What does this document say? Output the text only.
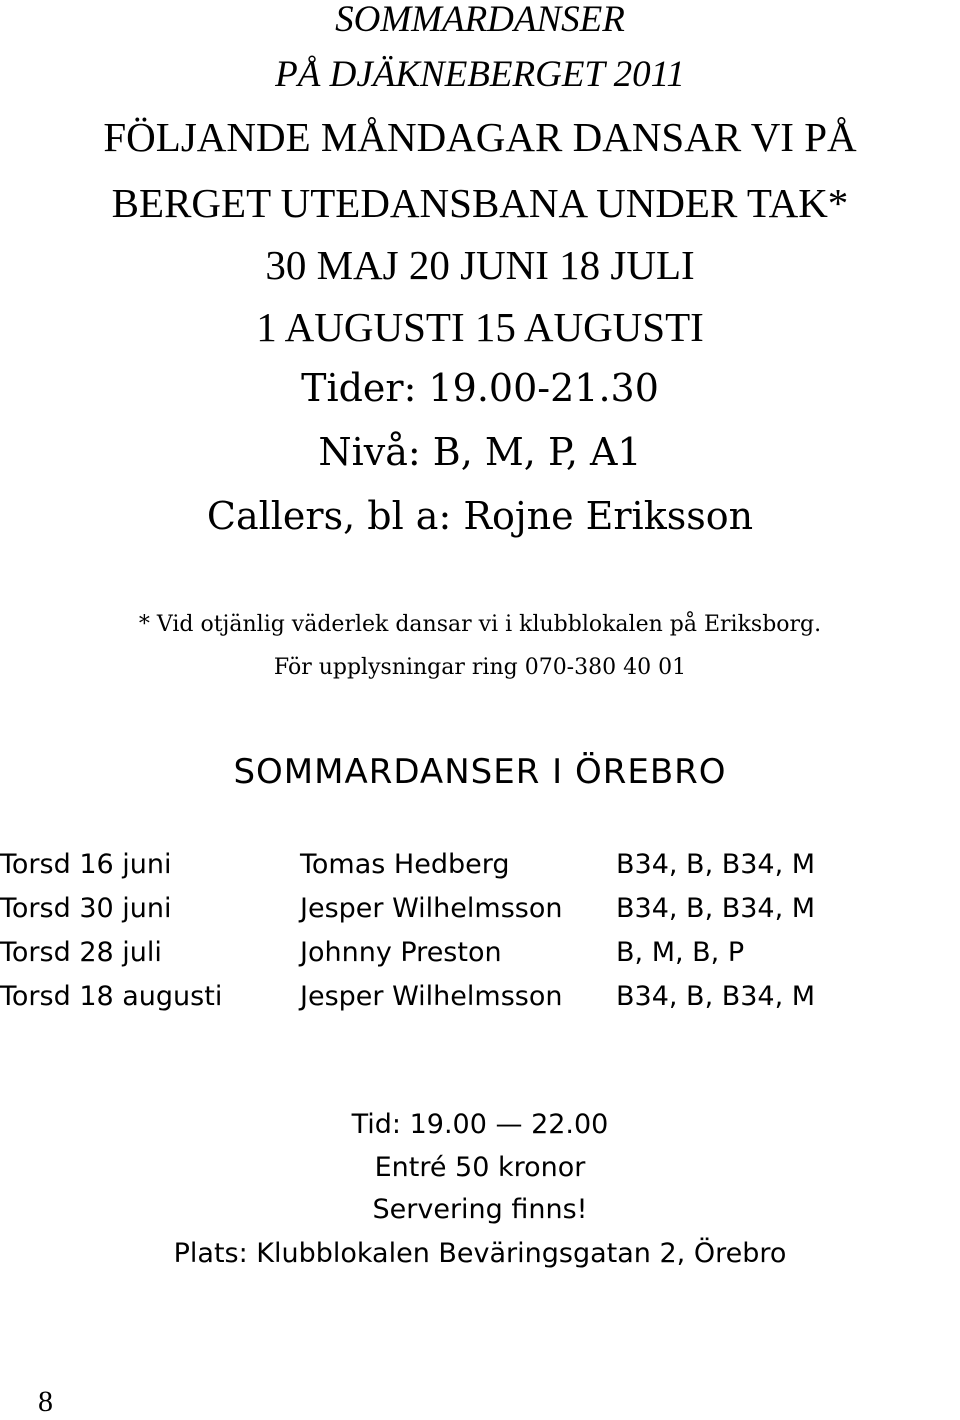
SOMMARDANSER
PÅ DJÄKNEBERGET 2011
FÖLJANDE MÅNDAGAR DANSAR VI PÅ
BERGET UTEDANSBANA UNDER TAK*
30 MAJ 20 JUNI 18 JULI
1 AUGUSTI 15 AUGUSTI
Tider: 19.00-21.30
Nivå: B, M, P, A1
Callers, bl a: Rojne Eriksson
* Vid otjänlig väderlek dansar vi i klubblokalen på Eriksborg.
För upplysningar ring 070-380 40 01
SOMMARDANSER I ÖREBRO
Torsd 16 juni	Tomas Hedberg	B34, B, B34, M
Torsd 30 juni	Jesper Wilhelmsson B34, B, B34, M
Torsd 28 juli	Johnny Preston	B, M, B, P
Torsd 18 augusti	Jesper Wilhelmsson B34, B, B34, M
Tid: 19.00 — 22.00
Entré 50 kronor
Servering finns!
Plats: Klubblokalen Beväringsgatan 2, Örebro
8
